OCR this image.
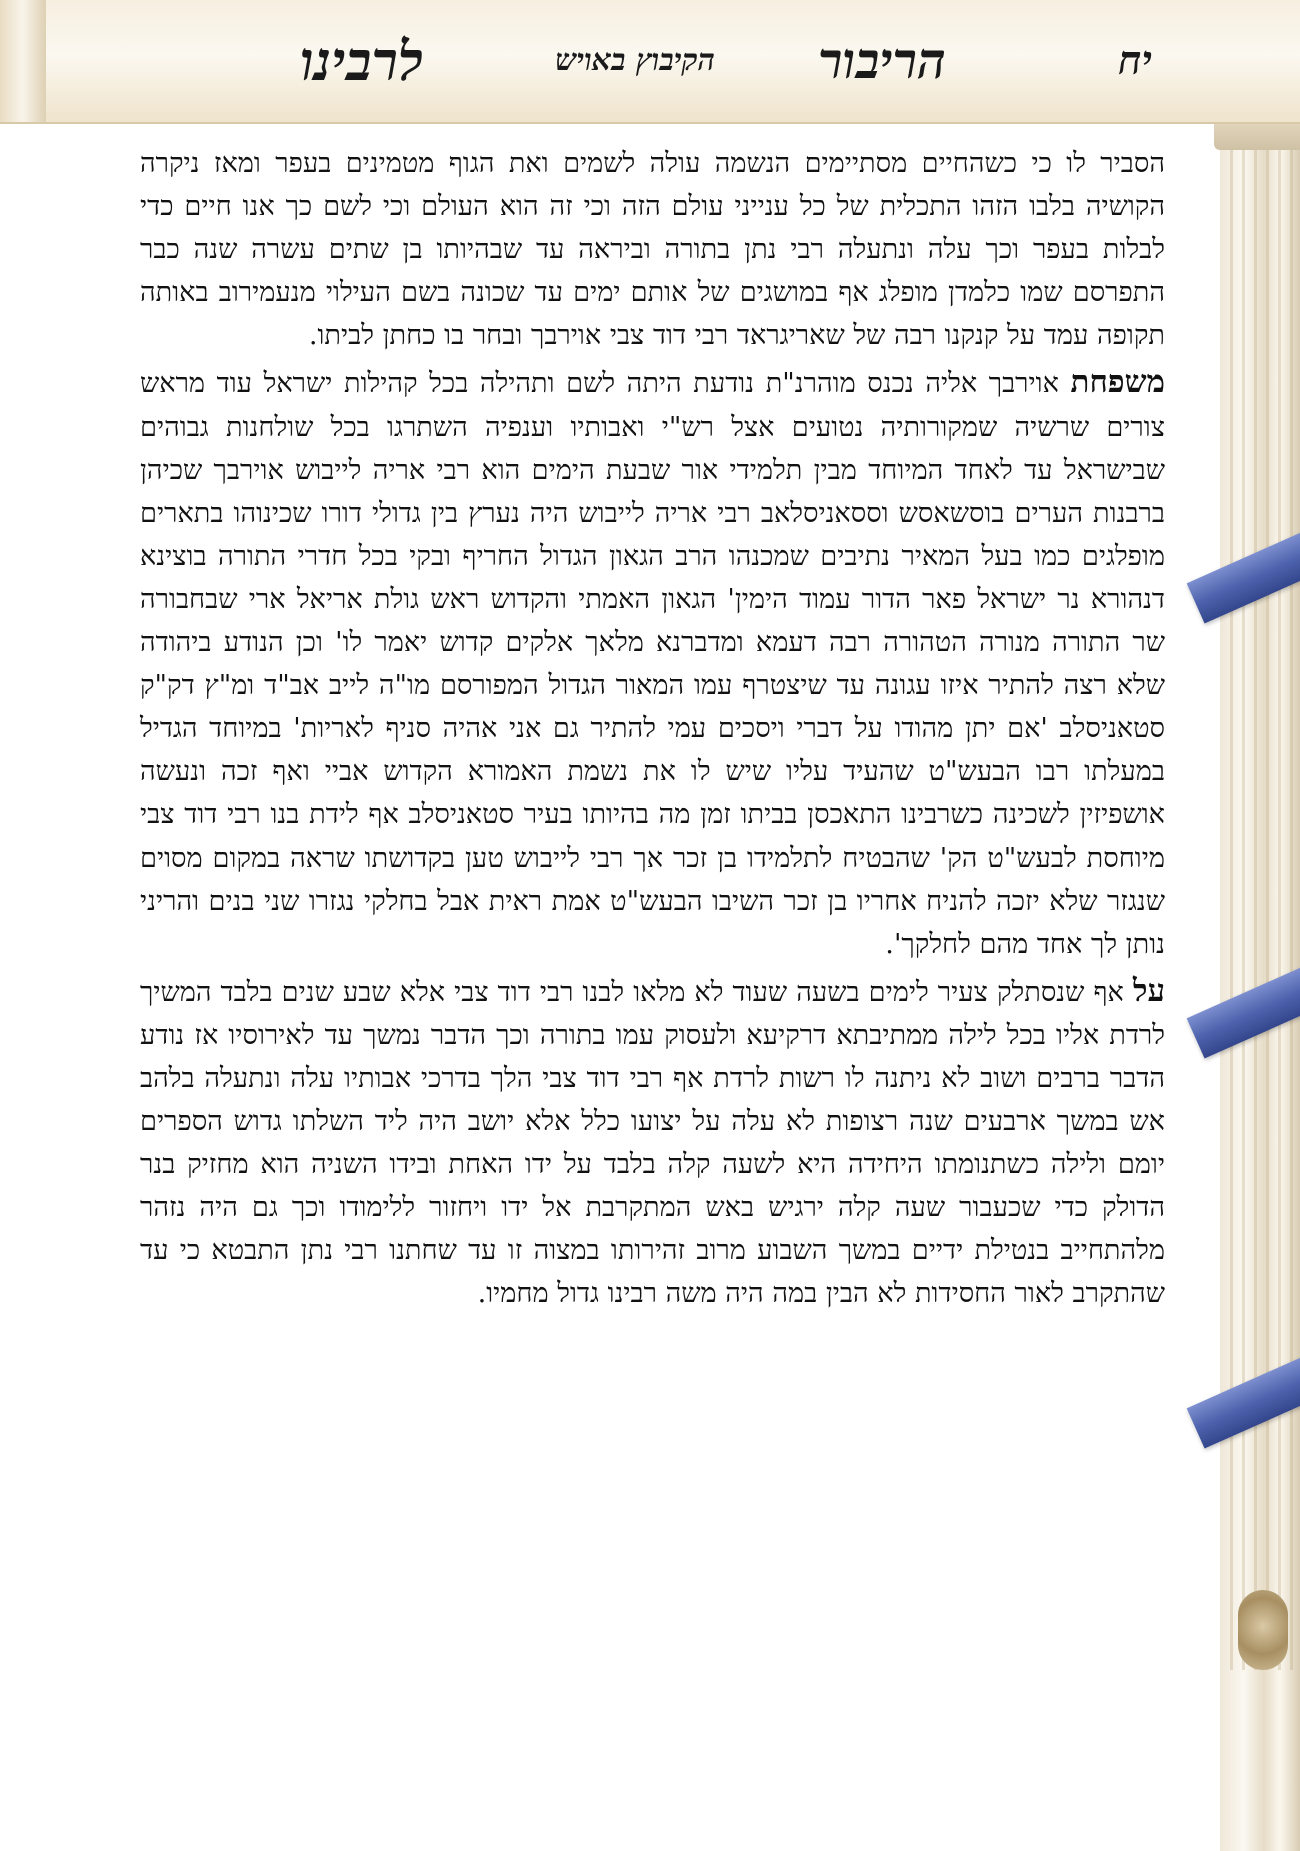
יח
הריבור
הקיבוץ באויש
לרבינו

הסביר לו כי כשהחיים מסתיימים הנשמה עולה לשמים ואת הגוף מטמינים בעפר ומאז ניקרה הקושיה בלבו הזהו התכלית של כל ענייני עולם הזה וכי זה הוא העולם וכי לשם כך אנו חיים כדי לבלות בעפר וכך עלה ונתעלה רבי נתן בתורה וביראה עד שבהיותו בן שתים עשרה שנה כבר התפרסם שמו כלמדן מופלג אף במושגים של אותם ימים עד שכונה בשם העילוי מנעמירוב באותה תקופה עמד על קנקנו רבה של שאריגראד רבי דוד צבי אוירבך ובחר בו כחתן לביתו.

משפחת אוירבך אליה נכנס מוהרנ"ת נודעת היתה לשם ותהילה בכל קהילות ישראל עוד מראש צורים שרשיה שמקורותיה נטועים אצל רש"י ואבותיו וענפיה השתרגו בכל שולחנות גבוהים שבישראל עד לאחד המיוחד מבין תלמידי אור שבעת הימים הוא רבי אריה לייבוש אוירבך שכיהן ברבנות הערים בוסשאסש וססאניסלאב רבי אריה לייבוש היה נערץ בין גדולי דורו שכינוהו בתארים מופלגים כמו בעל המאיר נתיבים שמכנהו הרב הגאון הגדול החריף ובקי בכל חדרי התורה בוצינא דנהורא נר ישראל פאר הדור עמוד הימין' הגאון האמתי והקדוש ראש גולת אריאל ארי שבחבורה שר התורה מנורה הטהורה רבה דעמא ומדברנא מלאך אלקים קדוש יאמר לו' וכן הנודע ביהודה שלא רצה להתיר איזו עגונה עד שיצטרף עמו המאור הגדול המפורסם מו"ה לייב אב"ד ומ"ץ דק"ק סטאניסלב 'אם יתן מהודו על דברי ויסכים עמי להתיר גם אני אהיה סניף לאריות' במיוחד הגדיל במעלתו רבו הבעש"ט שהעיד עליו שיש לו את נשמת האמורא הקדוש אביי ואף זכה ונעשה אושפיזין לשכינה כשרבינו התאכסן בביתו זמן מה בהיותו בעיר סטאניסלב אף לידת בנו רבי דוד צבי מיוחסת לבעש"ט הק' שהבטיח לתלמידו בן זכר אך רבי לייבוש טען בקדושתו שראה במקום מסוים שנגזר שלא יזכה להניח אחריו בן זכר השיבו הבעש"ט אמת ראית אבל בחלקי נגזרו שני בנים והריני נותן לך אחד מהם לחלקך'.

על אף שנסתלק צעיר לימים בשעה שעוד לא מלאו לבנו רבי דוד צבי אלא שבע שנים בלבד המשיך לרדת אליו בכל לילה ממתיבתא דרקיעא ולעסוק עמו בתורה וכך הדבר נמשך עד לאירוסיו אז נודע הדבר ברבים ושוב לא ניתנה לו רשות לרדת אף רבי דוד צבי הלך בדרכי אבותיו עלה ונתעלה בלהב אש במשך ארבעים שנה רצופות לא עלה על יצועו כלל אלא יושב היה ליד השלתו גדוש הספרים יומם ולילה כשתנומתו היחידה היא לשעה קלה בלבד על ידו האחת ובידו השניה הוא מחזיק בנר הדולק כדי שכעבור שעה קלה ירגיש באש המתקרבת אל ידו ויחזור ללימודו וכך גם היה נזהר מלהתחייב בנטילת ידיים במשך השבוע מרוב זהירותו במצוה זו עד שחתנו רבי נתן התבטא כי עד שהתקרב לאור החסידות לא הבין במה היה משה רבינו גדול מחמיו.
